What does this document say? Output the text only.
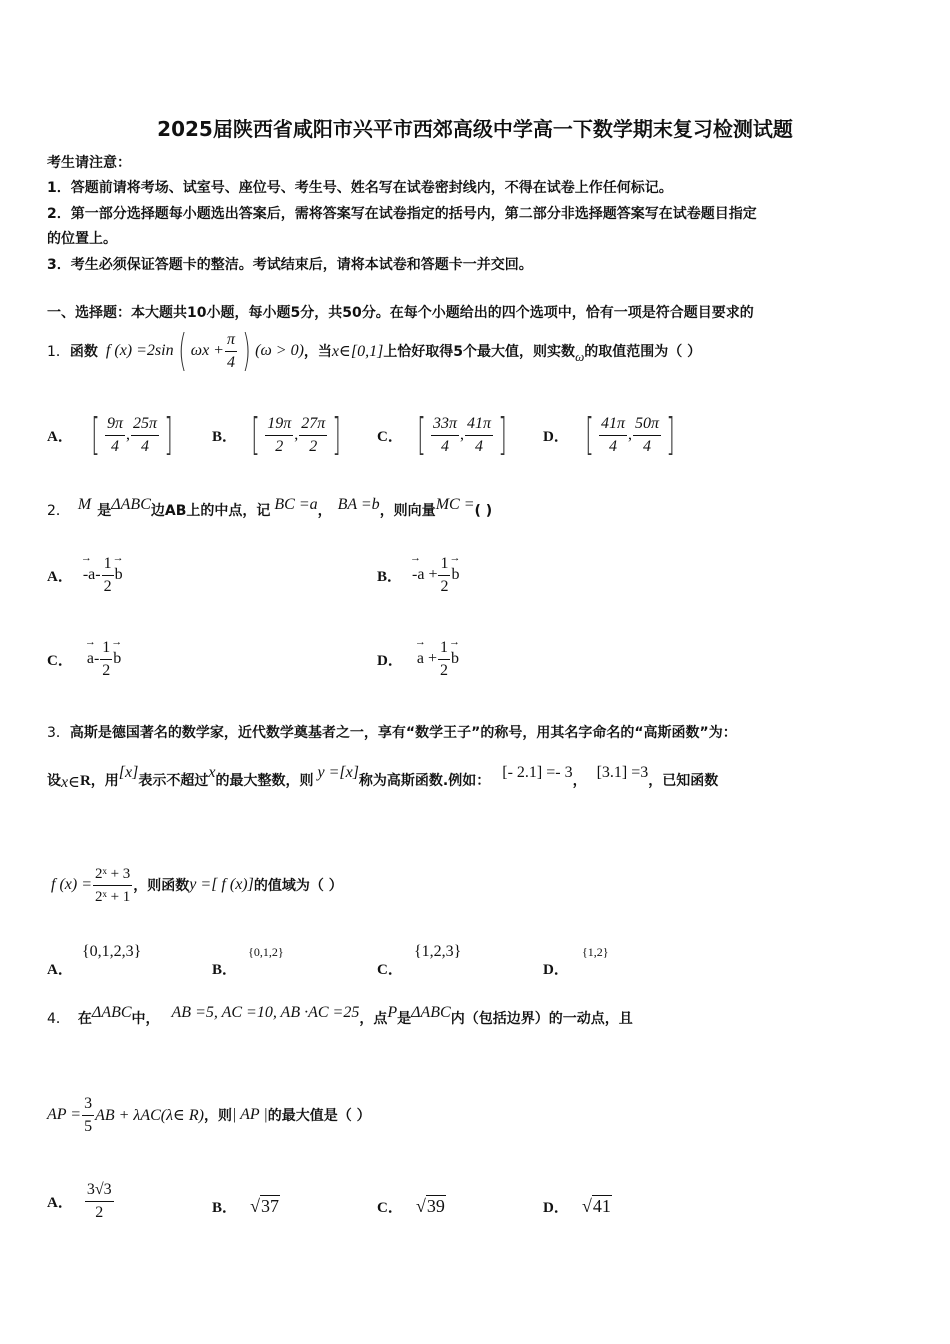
2025届陕西省咸阳市兴平市西郊高级中学高一下数学期末复习检测试题
考生请注意：
1．答题前请将考场、试室号、座位号、考生号、姓名写在试卷密封线内，不得在试卷上作任何标记。
2．第一部分选择题每小题选出答案后，需将答案写在试卷指定的括号内，第二部分非选择题答案写在试卷题目指定
的位置上。
3．考生必须保证答题卡的整洁。考试结束后，请将本试卷和答题卡一并交回。
一、选择题：本大题共10小题，每小题5分，共50分。在每个小题给出的四个选项中，恰有一项是符合题目要求的
1． 函数 f (x) =2sin ( $\omega x + \frac{\pi}{4}$ ) (ω > 0) ，当 x∈[0,1] 上恰好取得5个最大值，则实数 ω 的取值范围为（ ）
A． [ $\frac{9\pi}{4}$ , $\frac{25\pi}{4}$ ]	B． [ $\frac{19\pi}{2}$ , $\frac{27\pi}{2}$ ] C． [ $\frac{33\pi}{4}$ , $\frac{41\pi}{4}$ ] D． [ $\frac{41\pi}{4}$ , $\frac{50\pi}{4}$ ]
2． M 是 ΔABC 边AB上的中点，记 BC =a ， BA =b ，则向量 MC = ( )
A．
→ $-a- \frac{1}{2}$
→ b	B．
→ $-a + \frac{1}{2}$
→ b
C．
→ $a- \frac{1}{2}$
→ b	D．
→ $a + \frac{1}{2}$
→ b
3．高斯是德国著名的数学家，近代数学奠基者之一，享有“数学王子”的称号，用其名字命名的“高斯函数”为：
设 x∈ R ，用 [x] 表示不超过 x 的最大整数，则 y =[x] 称为高斯函数.例如： [- 2.1] =- 3 ， [3.1] =3 ，已知函数
f $(x) = \frac{\text{2ˣ + 3}}{\text{2ˣ + 1}}$ ，则函数 y =[ f (x)] 的值域为（ ）
A． {0,1,2,3}
B． {0,1,2}
C． {1,2,3}
D． {1,2}
4． 在 ΔABC 中， AB =5, AC =10, AB ·AC =25 ，点 P 是 ΔABC 内（包括边界）的一动点，且
AP = $\frac{3}{5}$ AB + λAC(λ∈ R) ，则 | AP | 的最大值是（ ）
A． $\frac{3√3}{2}$	B． √37	C． √39	D． √41
